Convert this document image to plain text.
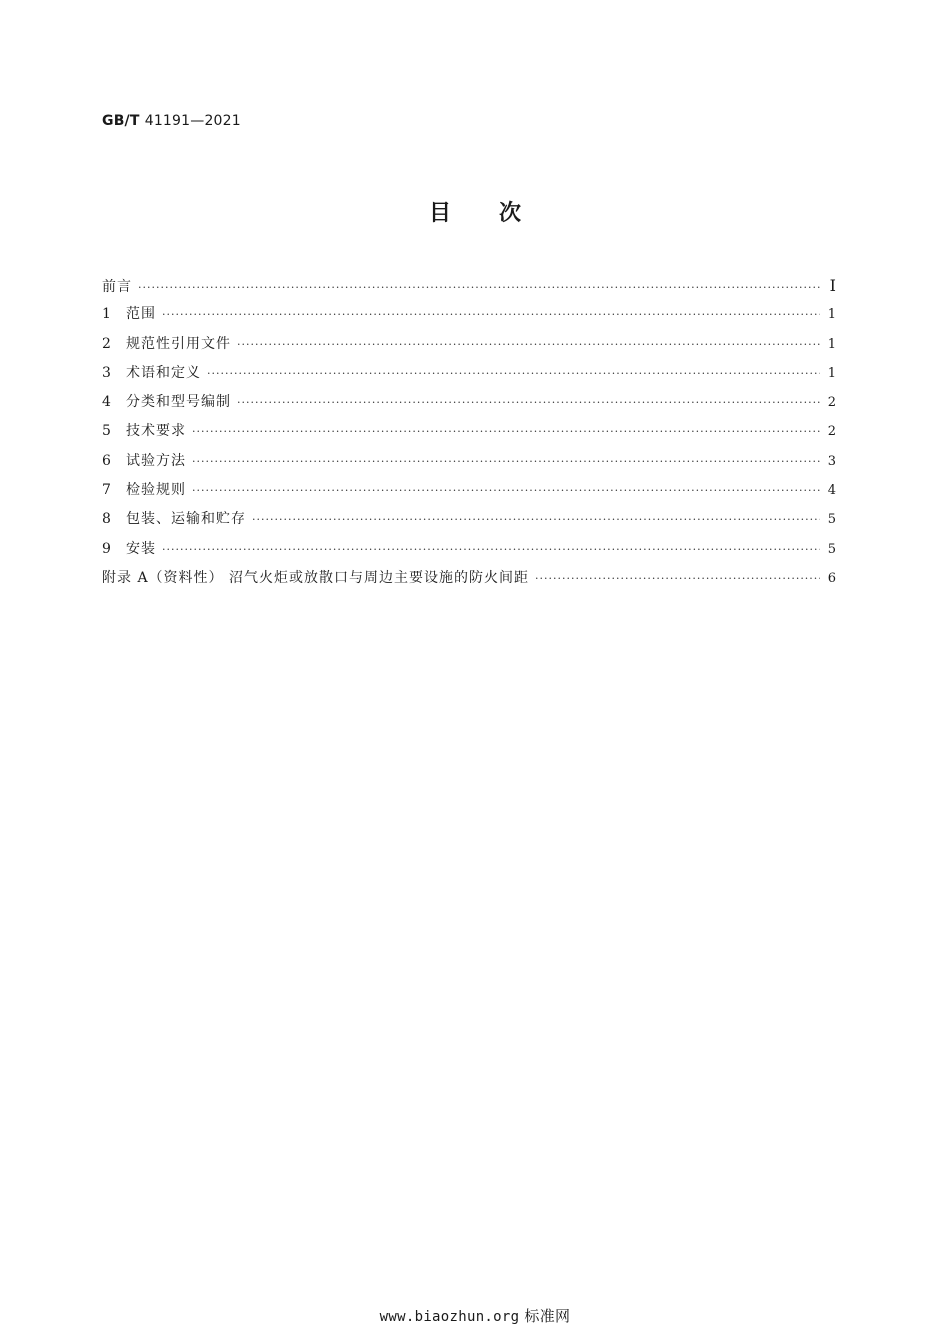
GB/T 41191—2021
目 次
前言 ·····	Ⅰ
1	范围 ·····	1
2	规范性引用文件 ·····	1
3	术语和定义 ·····	1
4	分类和型号编制 ·····	2
5	技术要求 ·····	2
6	试验方法 ·····	3
7	检验规则 ·····	4
8	包装、运输和贮存 ·····	5
9	安装 ·····	5
附录 A（资料性） 沼气火炬或放散口与周边主要设施的防火间距 ·····	6
www.biaozhun.org 标准网
